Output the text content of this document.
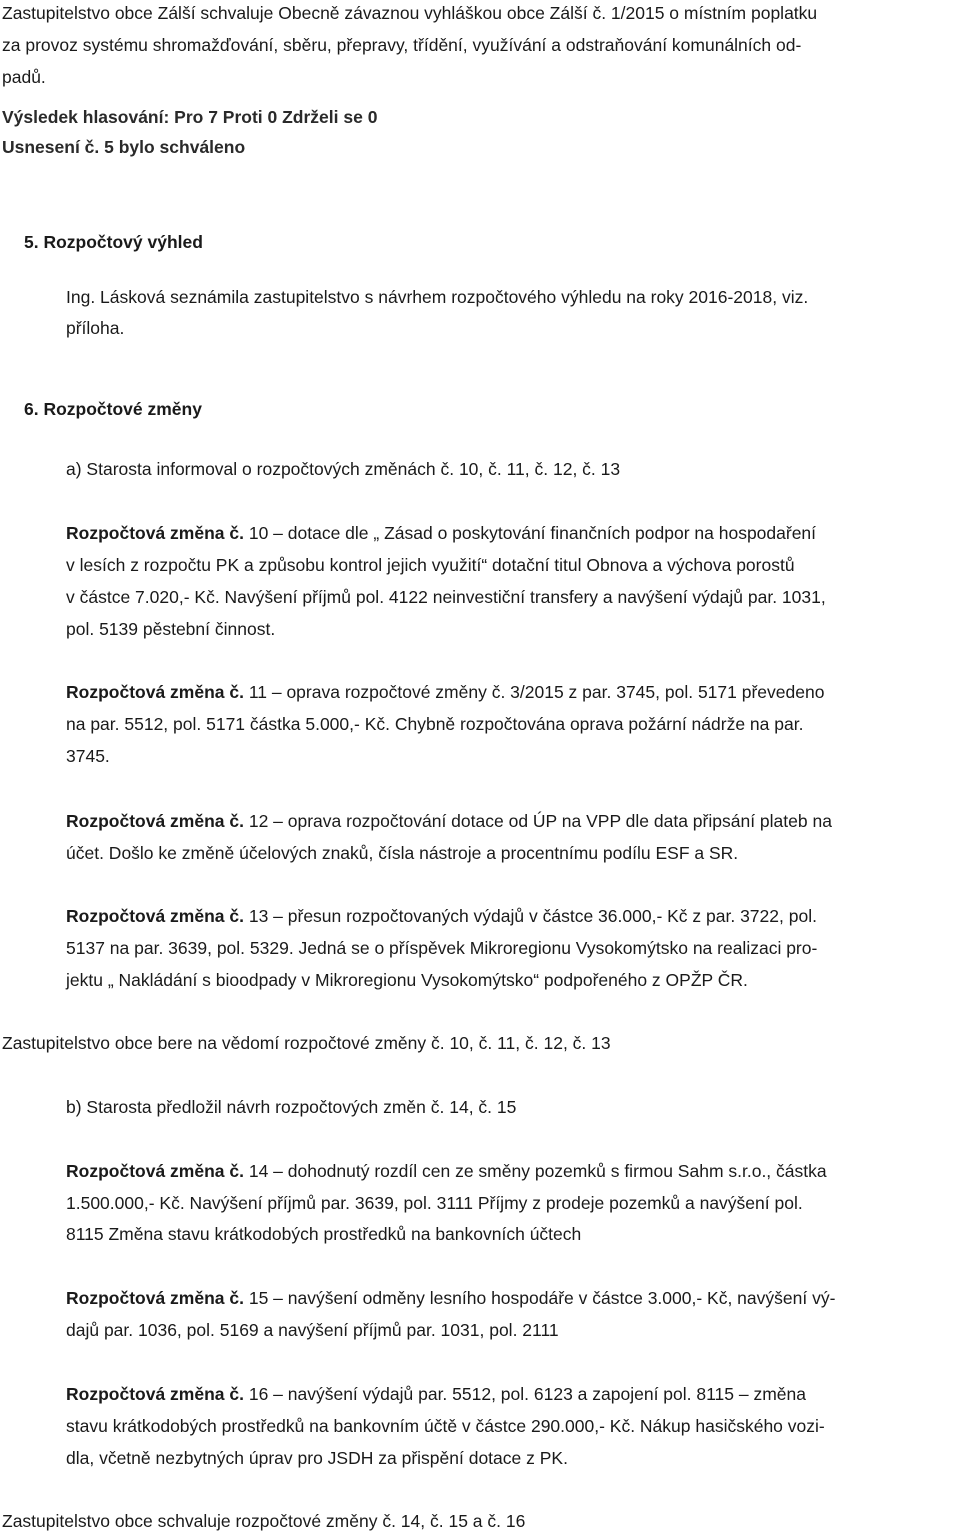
Zastupitelstvo obce Zálší schvaluje Obecně závaznou vyhláškou obce Zálší č. 1/2015 o místním poplatku
za provoz systému shromažďování, sběru, přepravy, třídění, využívání a odstraňování komunálních od-
padů.
Výsledek hlasování: Pro 7 Proti 0 Zdrželi se 0
Usnesení č. 5 bylo schváleno
5. Rozpočtový výhled
Ing. Lásková seznámila zastupitelstvo s návrhem rozpočtového výhledu na roky 2016-2018, viz.
příloha.
6. Rozpočtové změny
a) Starosta informoval o rozpočtových změnách č. 10, č. 11, č. 12, č. 13
Rozpočtová změna č. 10 – dotace dle „ Zásad o poskytování finančních podpor na hospodaření
v lesích z rozpočtu PK a způsobu kontrol jejich využití“ dotační titul Obnova a výchova porostů
v částce 7.020,- Kč. Navýšení příjmů pol. 4122 neinvestiční transfery a navýšení výdajů par. 1031,
pol. 5139 pěstební činnost.
Rozpočtová změna č. 11 – oprava rozpočtové změny č. 3/2015 z par. 3745, pol. 5171 převedeno
na par. 5512, pol. 5171 částka 5.000,- Kč. Chybně rozpočtována oprava požární nádrže na par.
3745.
Rozpočtová změna č. 12 – oprava rozpočtování dotace od ÚP na VPP dle data připsání plateb na
účet. Došlo ke změně účelových znaků, čísla nástroje a procentnímu podílu ESF a SR.
Rozpočtová změna č. 13 – přesun rozpočtovaných výdajů v částce 36.000,- Kč z par. 3722, pol.
5137 na par. 3639, pol. 5329. Jedná se o příspěvek Mikroregionu Vysokomýtsko na realizaci pro-
jektu „ Nakládání s bioodpady v Mikroregionu Vysokomýtsko“ podpořeného z OPŽP ČR.
Zastupitelstvo obce bere na vědomí rozpočtové změny č. 10, č. 11, č. 12, č. 13
b) Starosta předložil návrh rozpočtových změn č. 14, č. 15
Rozpočtová změna č. 14 – dohodnutý rozdíl cen ze směny pozemků s firmou Sahm s.r.o., částka
1.500.000,- Kč. Navýšení příjmů par. 3639, pol. 3111 Příjmy z prodeje pozemků a navýšení pol.
8115 Změna stavu krátkodobých prostředků na bankovních účtech
Rozpočtová změna č. 15 – navýšení odměny lesního hospodáře v částce 3.000,- Kč, navýšení vý-
dajů par. 1036, pol. 5169 a navýšení příjmů par. 1031, pol. 2111
Rozpočtová změna č. 16 – navýšení výdajů par. 5512, pol. 6123 a zapojení pol. 8115 – změna
stavu krátkodobých prostředků na bankovním účtě v částce 290.000,- Kč. Nákup hasičského vozi-
dla, včetně nezbytných úprav pro JSDH za přispění dotace z PK.
Zastupitelstvo obce schvaluje rozpočtové změny č. 14, č. 15 a č. 16
